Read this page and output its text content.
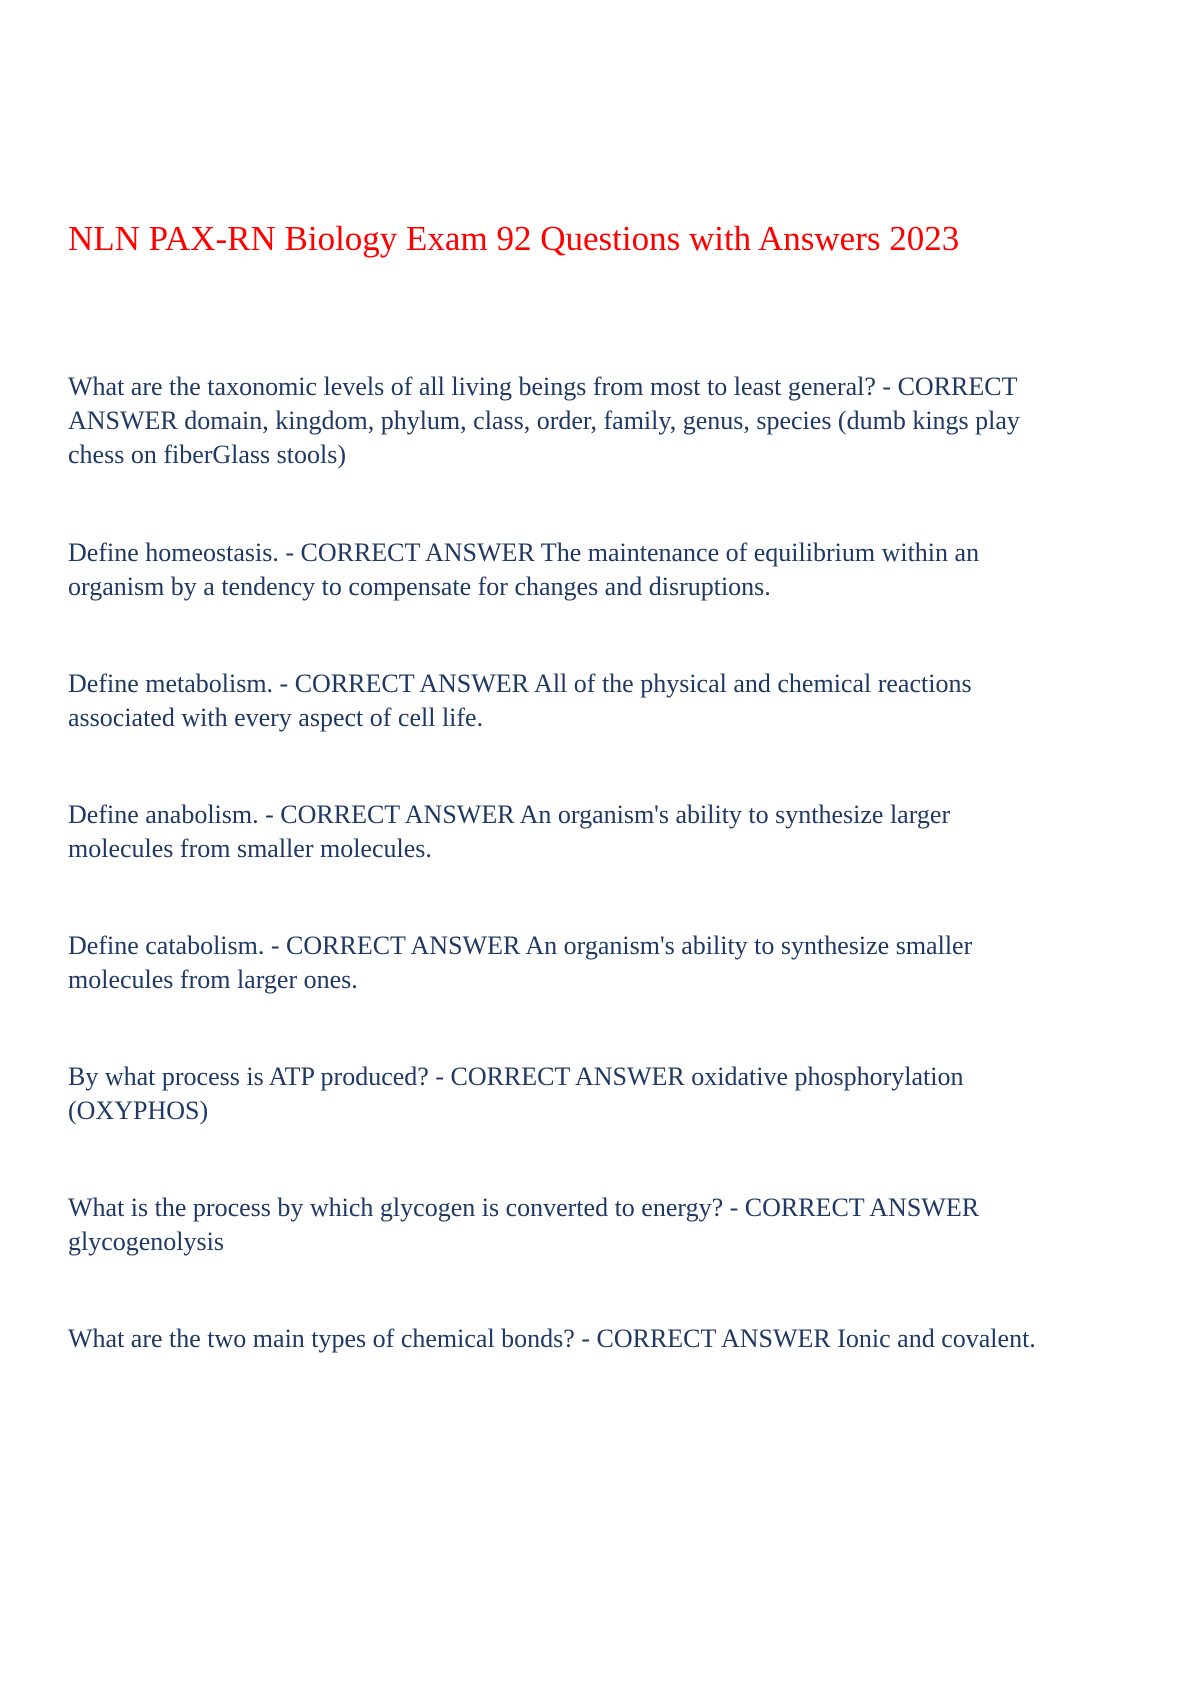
NLN PAX-RN Biology Exam 92 Questions with Answers 2023

What are the taxonomic levels of all living beings from most to least general? - CORRECT
ANSWER domain, kingdom, phylum, class, order, family, genus, species (dumb kings play
chess on fiberGlass stools)

Define homeostasis. - CORRECT ANSWER The maintenance of equilibrium within an
organism by a tendency to compensate for changes and disruptions.

Define metabolism. - CORRECT ANSWER All of the physical and chemical reactions
associated with every aspect of cell life.

Define anabolism. - CORRECT ANSWER An organism's ability to synthesize larger
molecules from smaller molecules.

Define catabolism. - CORRECT ANSWER An organism's ability to synthesize smaller
molecules from larger ones.

By what process is ATP produced? - CORRECT ANSWER oxidative phosphorylation
(OXYPHOS)

What is the process by which glycogen is converted to energy? - CORRECT ANSWER
glycogenolysis

What are the two main types of chemical bonds? - CORRECT ANSWER Ionic and covalent.
